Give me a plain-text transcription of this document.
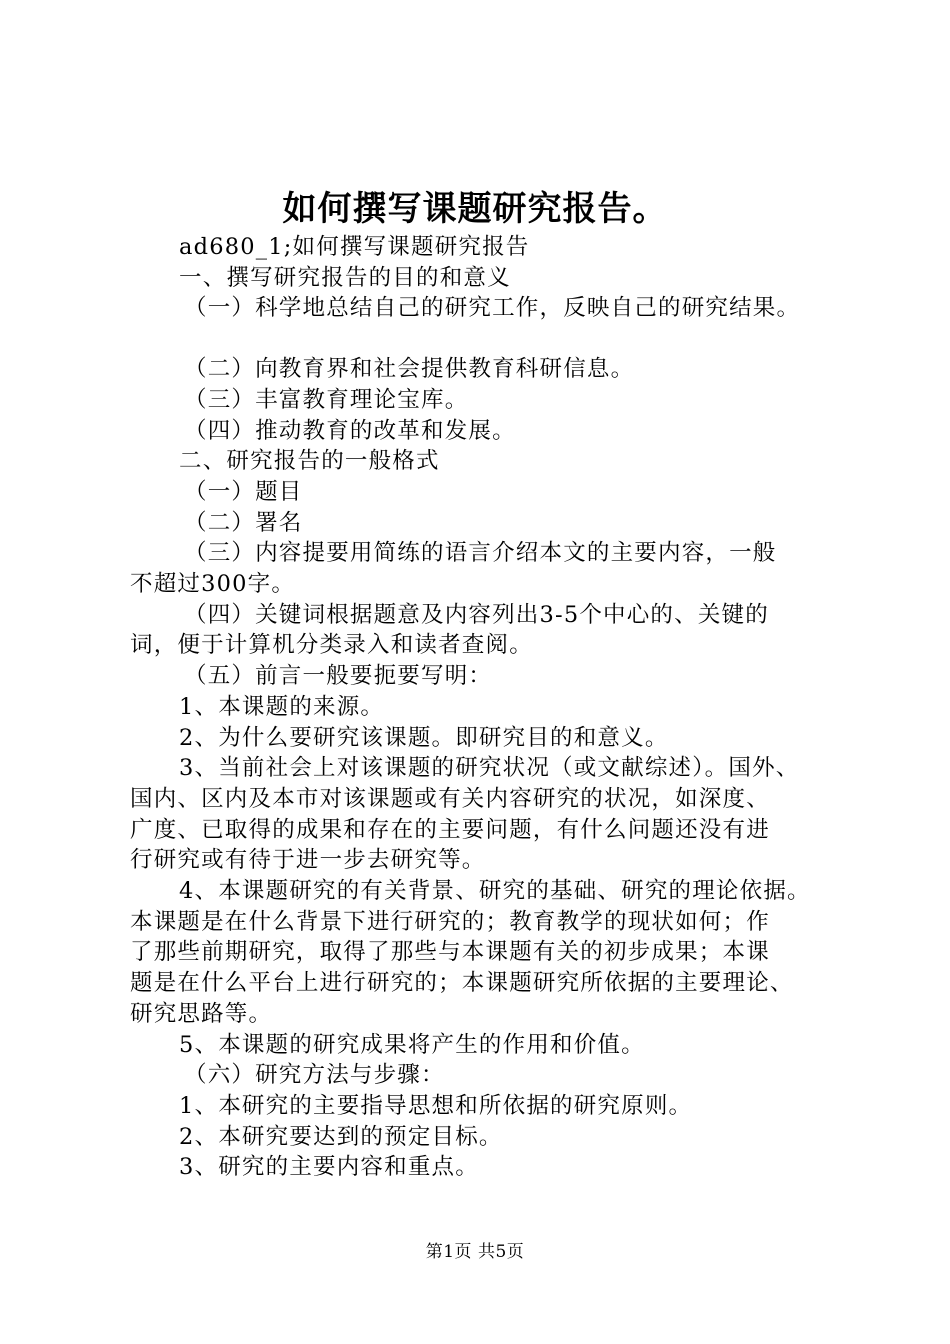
如何撰写课题研究报告。

ad680_1;如何撰写课题研究报告

一、撰写研究报告的目的和意义

（一）科学地总结自己的研究工作，反映自己的研究结果。

（二）向教育界和社会提供教育科研信息。

（三）丰富教育理论宝库。

（四）推动教育的改革和发展。

二、研究报告的一般格式

（一）题目

（二）署名

（三）内容提要用简练的语言介绍本文的主要内容，一般

不超过300字。

（四）关键词根据题意及内容列出3-5个中心的、关键的

词，便于计算机分类录入和读者查阅。

（五）前言一般要扼要写明：

1、本课题的来源。

2、为什么要研究该课题。即研究目的和意义。

3、当前社会上对该课题的研究状况（或文献综述）。国外、

国内、区内及本市对该课题或有关内容研究的状况，如深度、

广度、已取得的成果和存在的主要问题，有什么问题还没有进

行研究或有待于进一步去研究等。

4、本课题研究的有关背景、研究的基础、研究的理论依据。

本课题是在什么背景下进行研究的；教育教学的现状如何；作

了那些前期研究，取得了那些与本课题有关的初步成果；本课

题是在什么平台上进行研究的；本课题研究所依据的主要理论、

研究思路等。

5、本课题的研究成果将产生的作用和价值。

（六）研究方法与步骤：

1、本研究的主要指导思想和所依据的研究原则。

2、本研究要达到的预定目标。

3、研究的主要内容和重点。

第1页 共5页
